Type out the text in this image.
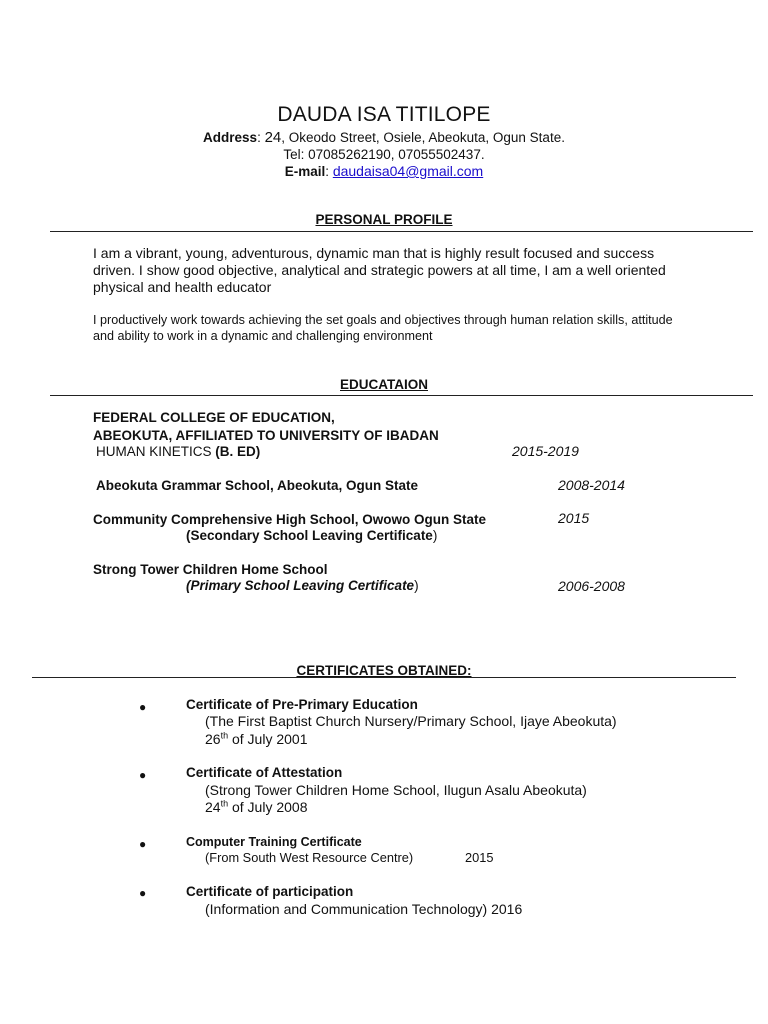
DAUDA ISA TITILOPE
Address: 24, Okeodo Street, Osiele, Abeokuta, Ogun State.
Tel: 07085262190, 07055502437.
E-mail: daudaisa04@gmail.com
PERSONAL PROFILE
I am a vibrant, young, adventurous, dynamic man that is highly result focused and success driven. I show good objective, analytical and strategic powers at all time, I am a well oriented physical and health educator
I productively work towards achieving the set goals and objectives through human relation skills, attitude and ability to work in a dynamic and challenging environment
EDUCATAION
FEDERAL COLLEGE OF EDUCATION,
ABEOKUTA, AFFILIATED TO UNIVERSITY OF IBADAN
HUMAN KINETICS (B. ED)	2015-2019
Abeokuta Grammar School, Abeokuta, Ogun State	2008-2014
Community Comprehensive High School, Owowo Ogun State	2015
(Secondary School Leaving Certificate)
Strong Tower Children Home School
(Primary School Leaving Certificate)	2006-2008
CERTIFICATES OBTAINED:
●	Certificate of Pre-Primary Education
(The First Baptist Church Nursery/Primary School, Ijaye Abeokuta)
26th of July 2001
●	Certificate of Attestation
(Strong Tower Children Home School, Ilugun Asalu Abeokuta)
24th of July 2008
●	Computer Training Certificate
(From South West Resource Centre)	2015
●	Certificate of participation
(Information and Communication Technology) 2016
